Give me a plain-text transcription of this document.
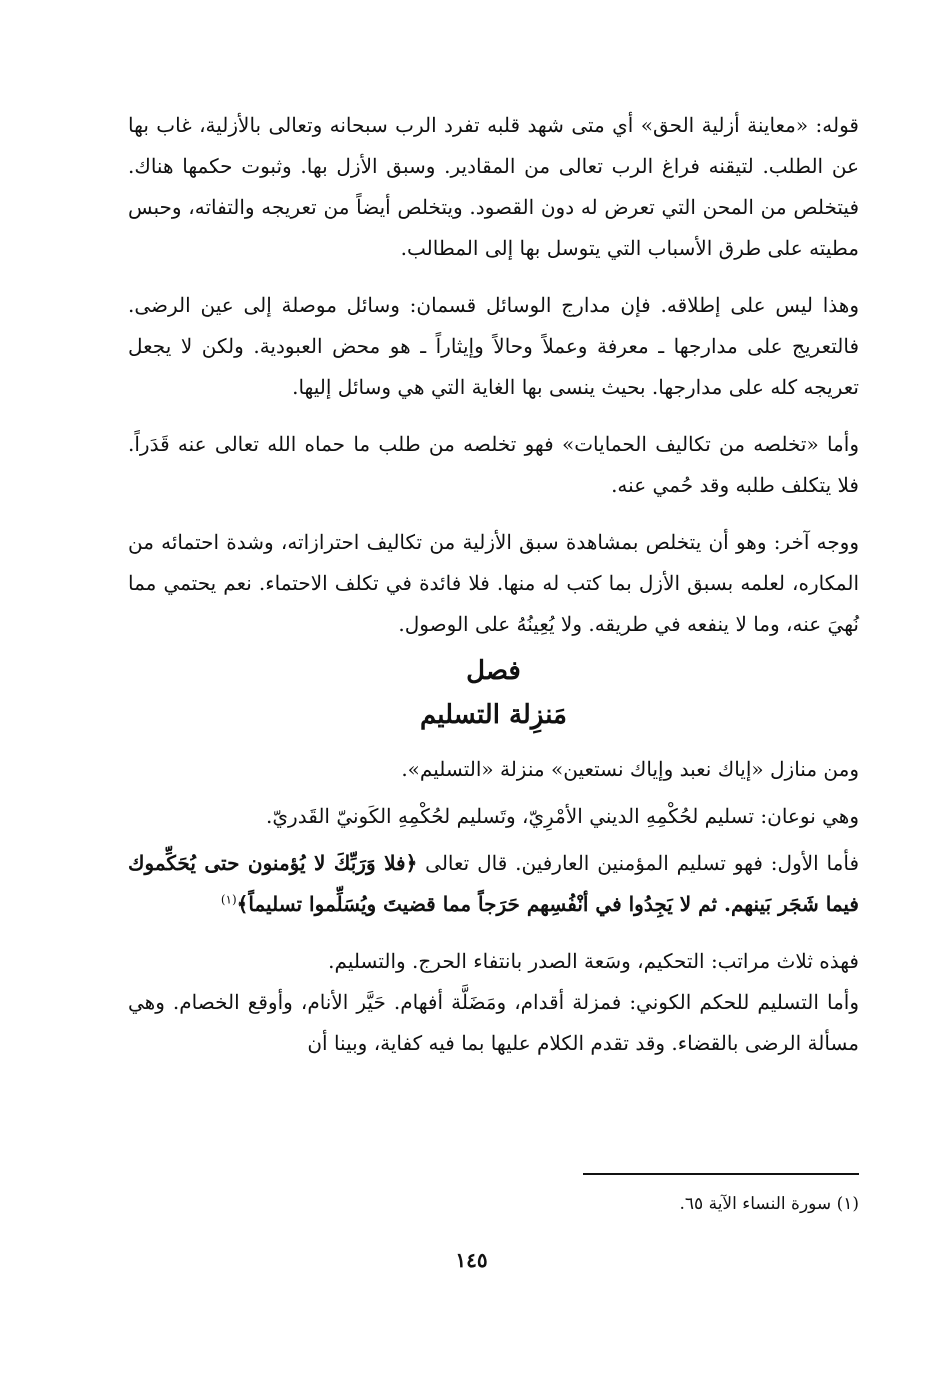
قوله: «معاينة أزلية الحق» أي متى شهد قلبه تفرد الرب سبحانه وتعالى بالأزلية، غاب بها عن الطلب. لتيقنه فراغ الرب تعالى من المقادير. وسبق الأزل بها. وثبوت حكمها هناك. فيتخلص من المحن التي تعرض له دون القصود. ويتخلص أيضاً من تعريجه والتفاته، وحبس مطيته على طرق الأسباب التي يتوسل بها إلى المطالب.

وهذا ليس على إطلاقه. فإن مدارج الوسائل قسمان: وسائل موصلة إلى عين الرضى. فالتعريج على مدارجها ـ معرفة وعملاً وحالاً وإيثاراً ـ هو محض العبودية. ولكن لا يجعل تعريجه كله على مدارجها. بحيث ينسى بها الغاية التي هي وسائل إليها.

وأما «تخلصه من تكاليف الحمايات» فهو تخلصه من طلب ما حماه الله تعالى عنه قَدَراً. فلا يتكلف طلبه وقد حُمي عنه.

ووجه آخر: وهو أن يتخلص بمشاهدة سبق الأزلية من تكاليف احترازاته، وشدة احتمائه من المكاره، لعلمه بسبق الأزل بما كتب له منها. فلا فائدة في تكلف الاحتماء. نعم يحتمي مما نُهيَ عنه، وما لا ينفعه في طريقه. ولا يُعِينُهُ على الوصول.

فصل

مَنزِلة التسليم

ومن منازل «إياك نعبد وإياك نستعين» منزلة «التسليم».

وهي نوعان: تسليم لحُكْمِهِ الديني الأمْرِيّ، وتَسليم لحُكْمِهِ الكَونيّ القَدريّ.

فأما الأول: فهو تسليم المؤمنين العارفين. قال تعالى ﴿فلا وَرَبِّكَ لا يُؤمنون حتى يُحَكِّموك فيما شَجَر بَينهم. ثم لا يَجِدُوا في أنْفُسِهم حَرَجاً مما قضيتَ ويُسَلِّموا تسليماً﴾$^{(١)}$

فهذه ثلاث مراتب: التحكيم، وسَعة الصدر بانتفاء الحرج. والتسليم.

وأما التسليم للحكم الكوني: فمزلة أقدام، ومَضَلَّة أفهام. حَيَّر الأنام، وأوقع الخصام. وهي مسألة الرضى بالقضاء. وقد تقدم الكلام عليها بما فيه كفاية، وبينا أن

(١) سورة النساء الآية ٦٥.
١٤٥
